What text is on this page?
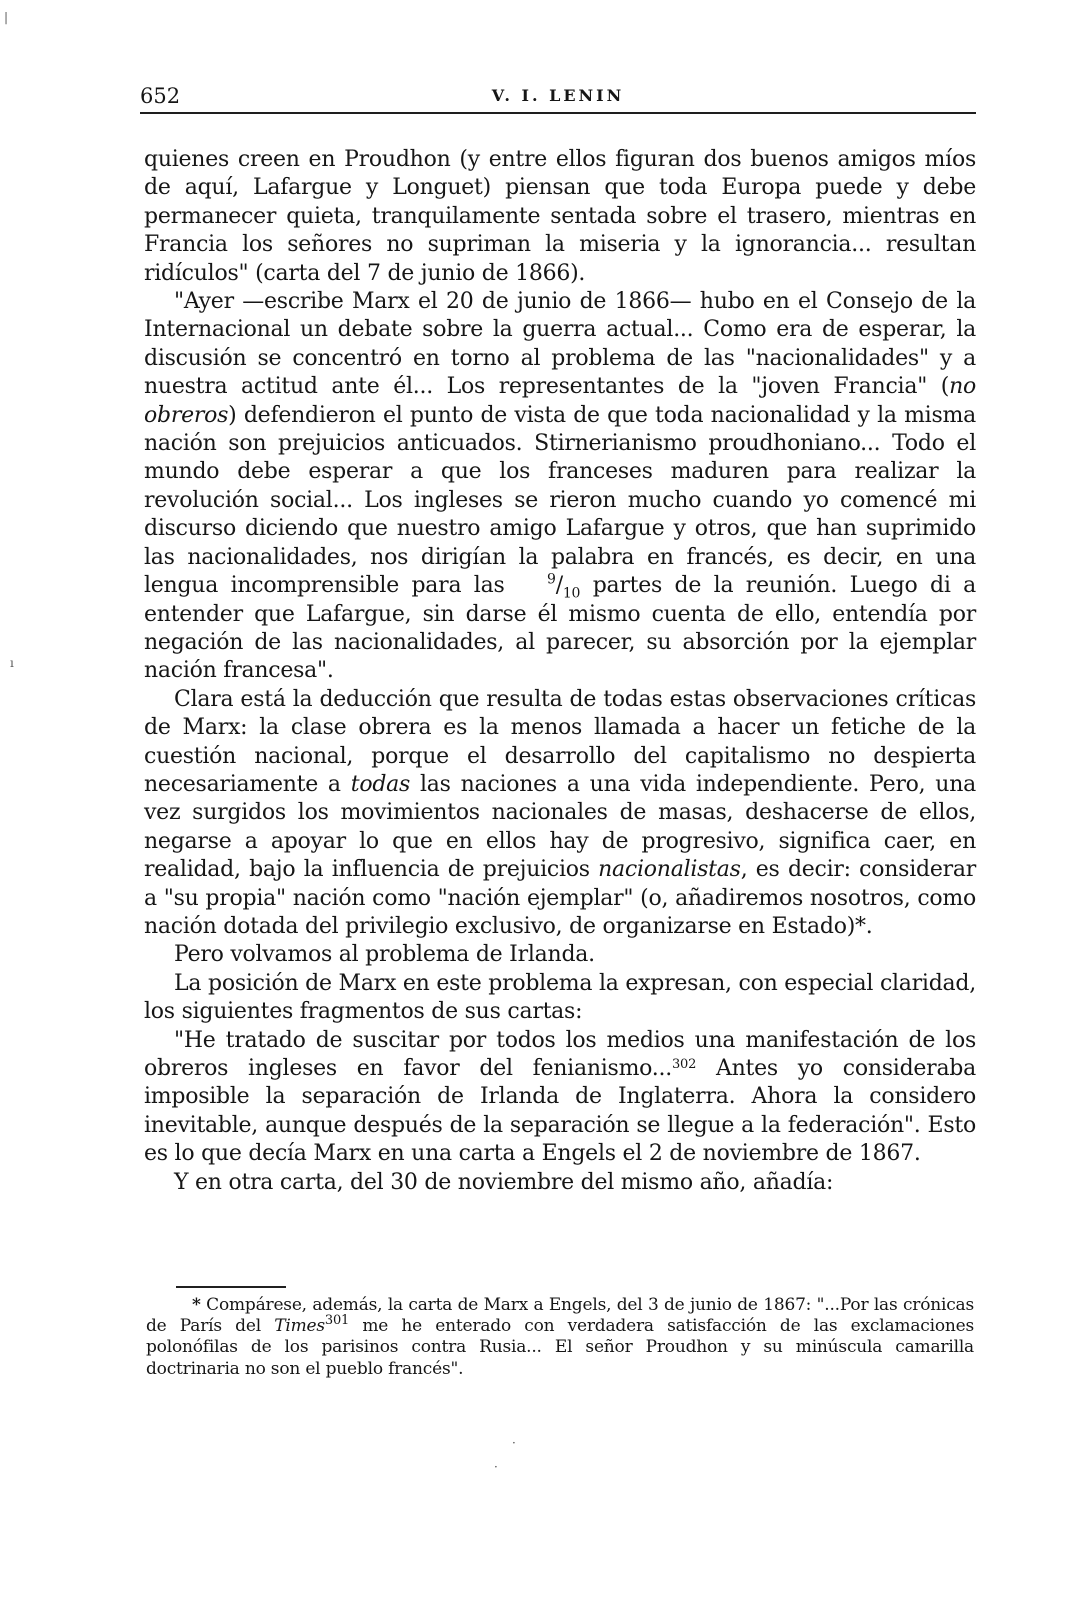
652	V. I. LENIN

quienes creen en Proudhon (y entre ellos figuran dos buenos amigos míos de aquí, Lafargue y Longuet) piensan que toda Europa puede y debe permanecer quieta, tranquilamente sentada sobre el trasero, mientras en Francia los señores no supriman la miseria y la ignorancia... resultan ridículos" (carta del 7 de junio de 1866).

"Ayer —escribe Marx el 20 de junio de 1866— hubo en el Consejo de la Internacional un debate sobre la guerra actual... Como era de esperar, la discusión se concentró en torno al problema de las "nacionalidades" y a nuestra actitud ante él... Los representantes de la "joven Francia" (no obreros) defendieron el punto de vista de que toda nacionalidad y la misma nación son prejuicios anticuados. Stirnerianismo proudhoniano... Todo el mundo debe esperar a que los franceses maduren para realizar la revolución social... Los ingleses se rieron mucho cuando yo comencé mi discurso diciendo que nuestro amigo Lafargue y otros, que han suprimido las nacionalidades, nos dirigían la palabra en francés, es decir, en una lengua incomprensible para las $^9/_{10}$ partes de la reunión. Luego di a entender que Lafargue, sin darse él mismo cuenta de ello, entendía por negación de las nacionalidades, al parecer, su absorción por la ejemplar nación francesa".

Clara está la deducción que resulta de todas estas observaciones críticas de Marx: la clase obrera es la menos llamada a hacer un fetiche de la cuestión nacional, porque el desarrollo del capitalismo no despierta necesariamente a todas las naciones a una vida independiente. Pero, una vez surgidos los movimientos nacionales de masas, deshacerse de ellos, negarse a apoyar lo que en ellos hay de progresivo, significa caer, en realidad, bajo la influencia de prejuicios nacionalistas, es decir: considerar a "su propia" nación como "nación ejemplar" (o, añadiremos nosotros, como nación dotada del privilegio exclusivo, de organizarse en Estado)*.

Pero volvamos al problema de Irlanda.

La posición de Marx en este problema la expresan, con especial claridad, los siguientes fragmentos de sus cartas:

"He tratado de suscitar por todos los medios una manifestación de los obreros ingleses en favor del fenianismo...$^{302}$ Antes yo consideraba imposible la separación de Irlanda de Inglaterra. Ahora la considero inevitable, aunque después de la separación se llegue a la federación". Esto es lo que decía Marx en una carta a Engels el 2 de noviembre de 1867.

Y en otra carta, del 30 de noviembre del mismo año, añadía:

* Compárese, además, la carta de Marx a Engels, del 3 de junio de 1867: "...Por las crónicas de París del Times$^{301}$ me he enterado con verdadera satisfacción de las exclamaciones polonófilas de los parisinos contra Rusia... El señor Proudhon y su minúscula camarilla doctrinaria no son el pueblo francés".

|
ı
·
·
